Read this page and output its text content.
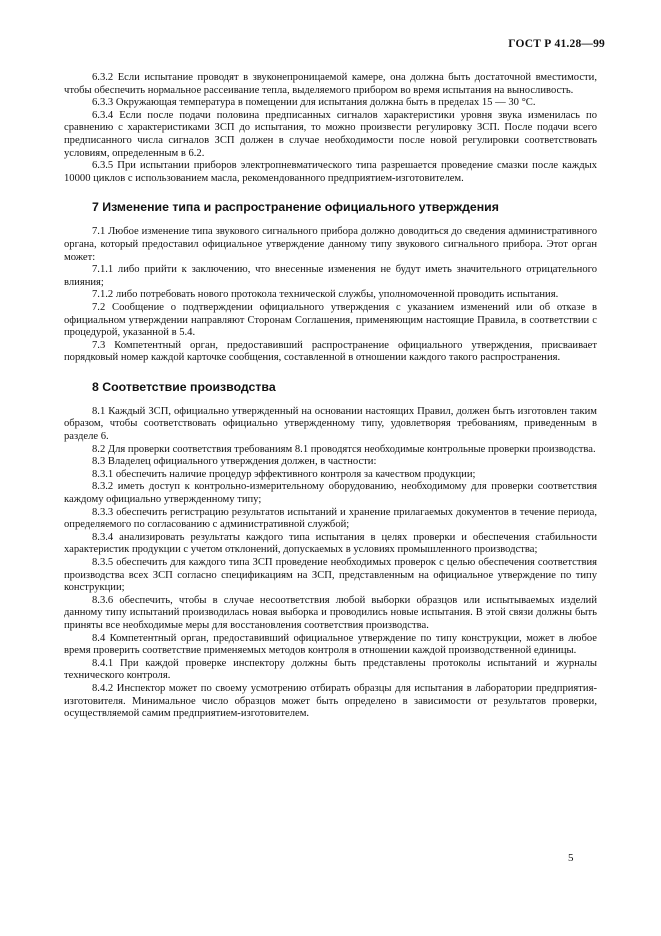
ГОСТ Р 41.28—99

6.3.2 Если испытание проводят в звуконепроницаемой камере, она должна быть достаточной вместимости, чтобы обеспечить нормальное рассеивание тепла, выделяемого прибором во время испытания на выносливость.

6.3.3 Окружающая температура в помещении для испытания должна быть в пределах 15 — 30 °С.

6.3.4 Если после подачи половина предписанных сигналов характеристики уровня звука изменилась по сравнению с характеристиками ЗСП до испытания, то можно произвести регулировку ЗСП. После подачи всего предписанного числа сигналов ЗСП должен в случае необходимости после новой регулировки соответствовать условиям, определенным в 6.2.

6.3.5 При испытании приборов электропневматического типа разрешается проведение смазки после каждых 10000 циклов с использованием масла, рекомендованного предприятием-изготовителем.

7 Изменение типа и распространение официального утверждения

7.1 Любое изменение типа звукового сигнального прибора должно доводиться до сведения административного органа, который предоставил официальное утверждение данному типу звукового сигнального прибора. Этот орган может:

7.1.1 либо прийти к заключению, что внесенные изменения не будут иметь значительного отрицательного влияния;

7.1.2 либо потребовать нового протокола технической службы, уполномоченной проводить испытания.

7.2 Сообщение о подтверждении официального утверждения с указанием изменений или об отказе в официальном утверждении направляют Сторонам Соглашения, применяющим настоящие Правила, в соответствии с процедурой, указанной в 5.4.

7.3 Компетентный орган, предоставивший распространение официального утверждения, присваивает порядковый номер каждой карточке сообщения, составленной в отношении каждого такого распространения.

8 Соответствие производства

8.1 Каждый ЗСП, официально утвержденный на основании настоящих Правил, должен быть изготовлен таким образом, чтобы соответствовать официально утвержденному типу, удовлетворяя требованиям, приведенным в разделе 6.

8.2 Для проверки соответствия требованиям 8.1 проводятся необходимые контрольные проверки производства.

8.3 Владелец официального утверждения должен, в частности:

8.3.1 обеспечить наличие процедур эффективного контроля за качеством продукции;

8.3.2 иметь доступ к контрольно-измерительному оборудованию, необходимому для проверки соответствия каждому официально утвержденному типу;

8.3.3 обеспечить регистрацию результатов испытаний и хранение прилагаемых документов в течение периода, определяемого по согласованию с административной службой;

8.3.4 анализировать результаты каждого типа испытания в целях проверки и обеспечения стабильности характеристик продукции с учетом отклонений, допускаемых в условиях промышленного производства;

8.3.5 обеспечить для каждого типа ЗСП проведение необходимых проверок с целью обеспечения соответствия производства всех ЗСП согласно спецификациям на ЗСП, представленным на официальное утверждение по типу конструкции;

8.3.6 обеспечить, чтобы в случае несоответствия любой выборки образцов или испытываемых изделий данному типу испытаний производилась новая выборка и проводились новые испытания. В этой связи должны быть приняты все необходимые меры для восстановления соответствия производства.

8.4 Компетентный орган, предоставивший официальное утверждение по типу конструкции, может в любое время проверить соответствие применяемых методов контроля в отношении каждой производственной единицы.

8.4.1 При каждой проверке инспектору должны быть представлены протоколы испытаний и журналы технического контроля.

8.4.2 Инспектор может по своему усмотрению отбирать образцы для испытания в лаборатории предприятия-изготовителя. Минимальное число образцов может быть определено в зависимости от результатов проверки, осуществляемой самим предприятием-изготовителем.

5
